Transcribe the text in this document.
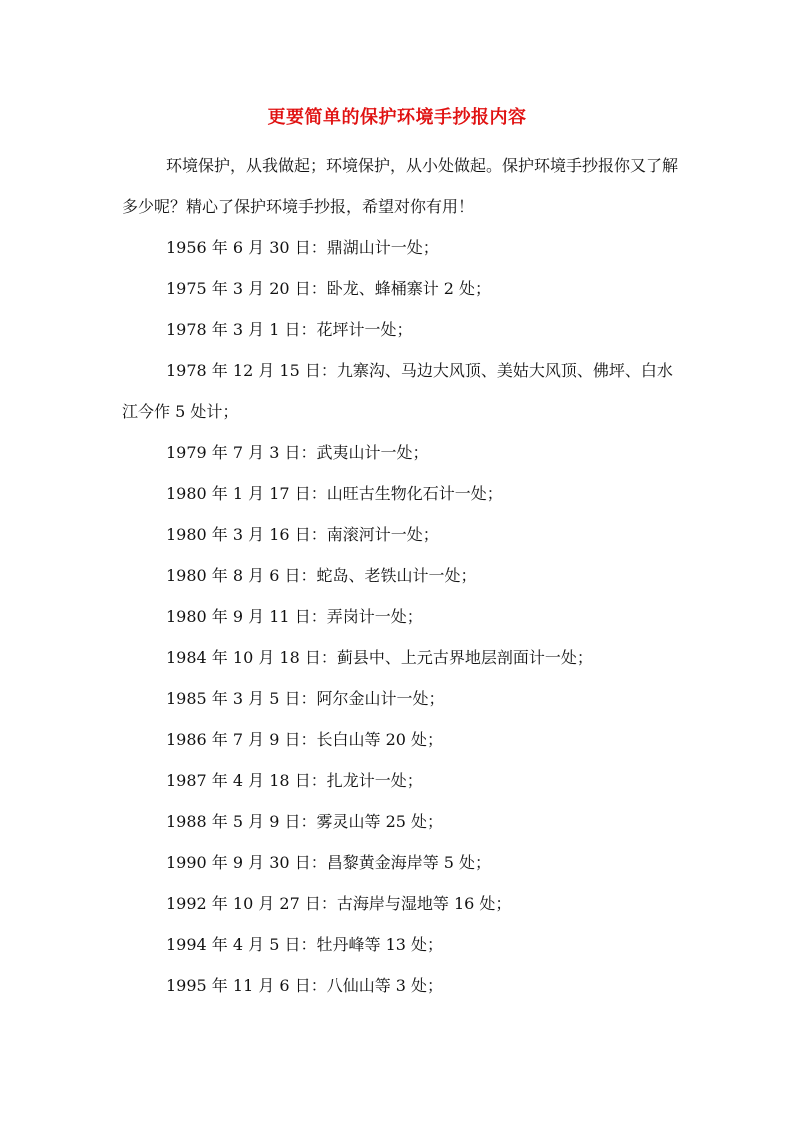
更要简单的保护环境手抄报内容

环境保护，从我做起；环境保护，从小处做起。保护环境手抄报你又了解多少呢？精心了保护环境手抄报，希望对你有用！

1956 年 6 月 30 日：鼎湖山计一处；
1975 年 3 月 20 日：卧龙、蜂桶寨计 2 处；
1978 年 3 月 1 日：花坪计一处；
1978 年 12 月 15 日：九寨沟、马边大风顶、美姑大风顶、佛坪、白水江今作 5 处计；
1979 年 7 月 3 日：武夷山计一处；
1980 年 1 月 17 日：山旺古生物化石计一处；
1980 年 3 月 16 日：南滚河计一处；
1980 年 8 月 6 日：蛇岛、老铁山计一处；
1980 年 9 月 11 日：弄岗计一处；
1984 年 10 月 18 日：蓟县中、上元古界地层剖面计一处；
1985 年 3 月 5 日：阿尔金山计一处；
1986 年 7 月 9 日：长白山等 20 处；
1987 年 4 月 18 日：扎龙计一处；
1988 年 5 月 9 日：雾灵山等 25 处；
1990 年 9 月 30 日：昌黎黄金海岸等 5 处；
1992 年 10 月 27 日：古海岸与湿地等 16 处；
1994 年 4 月 5 日：牡丹峰等 13 处；
1995 年 11 月 6 日：八仙山等 3 处；
